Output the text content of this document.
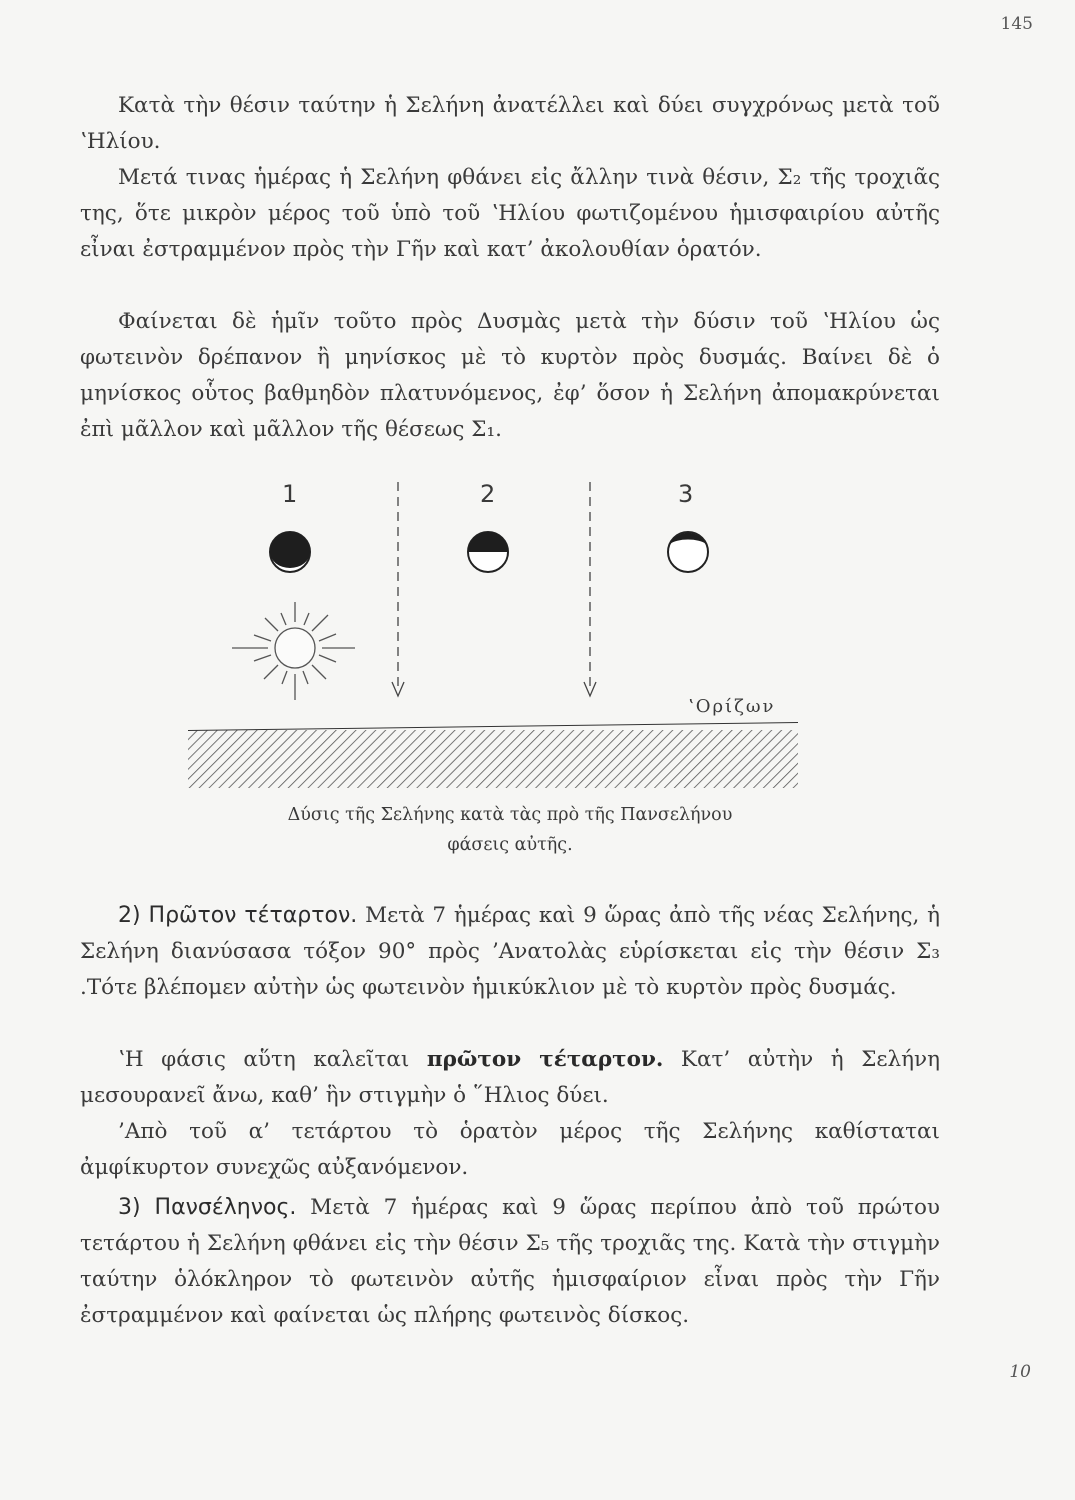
145

Κατὰ τὴν θέσιν ταύτην ἡ Σελήνη ἀνατέλλει καὶ δύει συγχρόνως μετὰ τοῦ ʽΗλίου.

Μετά τινας ἡμέρας ἡ Σελήνη φθάνει εἰς ἄλλην τινὰ θέσιν, Σ₂ τῆς τροχιᾶς της, ὅτε μικρὸν μέρος τοῦ ὑπὸ τοῦ ʽΗλίου φωτιζομένου ἡμισφαιρίου αὐτῆς εἶναι ἐστραμμένον πρὸς τὴν Γῆν καὶ κατ’ ἀκολουθίαν ὁρατόν.

Φαίνεται δὲ ἡμῖν τοῦτο πρὸς Δυσμὰς μετὰ τὴν δύσιν τοῦ ʽΗλίου ὡς φωτεινὸν δρέπανον ἢ μηνίσκος μὲ τὸ κυρτὸν πρὸς δυσμάς. Βαίνει δὲ ὁ μηνίσκος οὗτος βαθμηδὸν πλατυνόμενος, ἐφ’ ὅσον ἡ Σελήνη ἀπομακρύνεται ἐπὶ μᾶλλον καὶ μᾶλλον τῆς θέσεως Σ₁.

1	2	3
ʽΟρίζων
Δύσις τῆς Σελήνης κατὰ τὰς πρὸ τῆς Πανσελήνου
φάσεις αὐτῆς.

2) Πρῶτον τέταρτον. Μετὰ 7 ἡμέρας καὶ 9 ὥρας ἀπὸ τῆς νέας Σελήνης, ἡ Σελήνη διανύσασα τόξον 90° πρὸς ’Ανατολὰς εὑρίσκεται εἰς τὴν θέσιν Σ₃ .Τότε βλέπομεν αὐτὴν ὡς φωτεινὸν ἡμικύκλιον μὲ τὸ κυρτὸν πρὸς δυσμάς.

ʽΗ φάσις αὕτη καλεῖται πρῶτον τέταρτον. Κατ’ αὐτὴν ἡ Σελήνη μεσουρανεῖ ἄνω, καθ’ ἣν στιγμὴν ὁ ῞Ηλιος δύει.

’Απὸ τοῦ α’ τετάρτου τὸ ὁρατὸν μέρος τῆς Σελήνης καθίσταται ἀμφίκυρτον συνεχῶς αὐξανόμενον.

3) Πανσέληνος. Μετὰ 7 ἡμέρας καὶ 9 ὥρας περίπου ἀπὸ τοῦ πρώτου τετάρτου ἡ Σελήνη φθάνει εἰς τὴν θέσιν Σ₅ τῆς τροχιᾶς της. Κατὰ τὴν στιγμὴν ταύτην ὁλόκληρον τὸ φωτεινὸν αὐτῆς ἡμισφαίριον εἶναι πρὸς τὴν Γῆν ἐστραμμένον καὶ φαίνεται ὡς πλήρης φωτεινὸς δίσκος.

10
